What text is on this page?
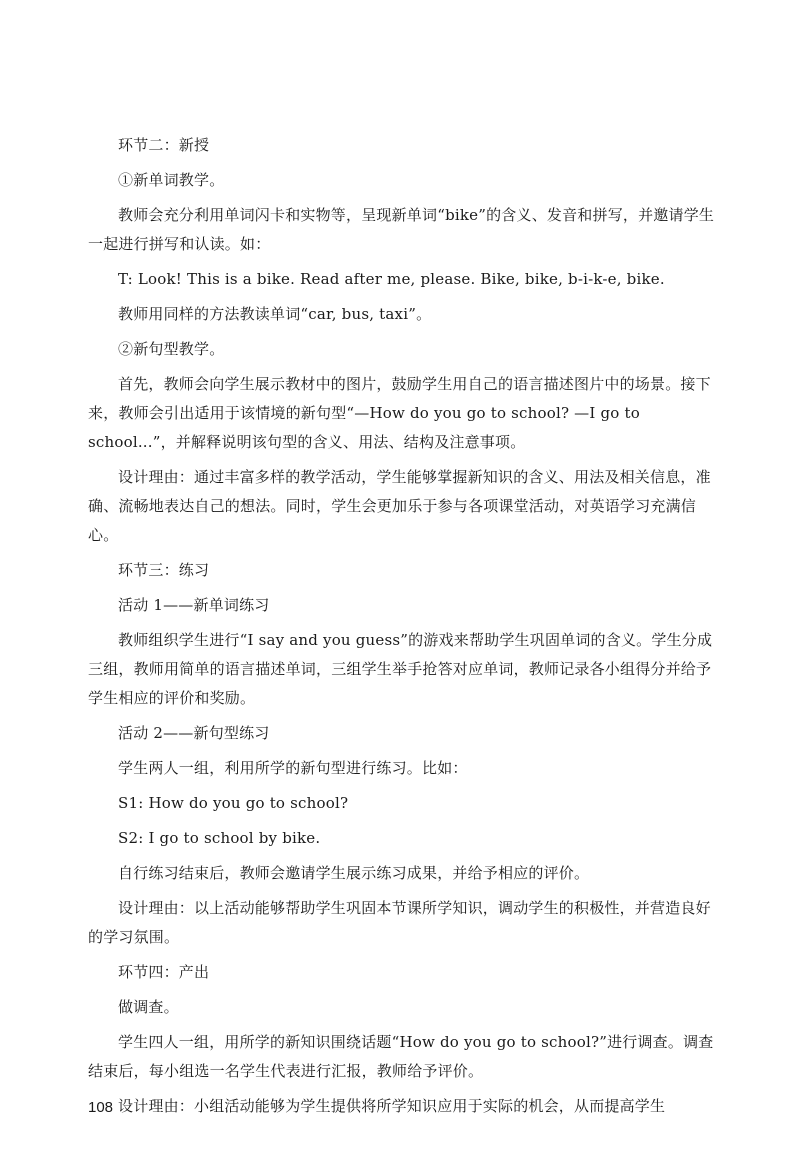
环节二：新授

①新单词教学。

教师会充分利用单词闪卡和实物等，呈现新单词“bike”的含义、发音和拼写，并邀请学生一起进行拼写和认读。如：

T: Look! This is a bike. Read after me, please. Bike, bike, b-i-k-e, bike.

教师用同样的方法教读单词“car, bus, taxi”。

②新句型教学。

首先，教师会向学生展示教材中的图片，鼓励学生用自己的语言描述图片中的场景。接下来，教师会引出适用于该情境的新句型“—How do you go to school? —I go to school...”，并解释说明该句型的含义、用法、结构及注意事项。

设计理由：通过丰富多样的教学活动，学生能够掌握新知识的含义、用法及相关信息，准确、流畅地表达自己的想法。同时，学生会更加乐于参与各项课堂活动，对英语学习充满信心。

环节三：练习

活动 1——新单词练习

教师组织学生进行“I say and you guess”的游戏来帮助学生巩固单词的含义。学生分成三组，教师用简单的语言描述单词，三组学生举手抢答对应单词，教师记录各小组得分并给予学生相应的评价和奖励。

活动 2——新句型练习

学生两人一组，利用所学的新句型进行练习。比如：

S1: How do you go to school?

S2: I go to school by bike.

自行练习结束后，教师会邀请学生展示练习成果，并给予相应的评价。

设计理由：以上活动能够帮助学生巩固本节课所学知识，调动学生的积极性，并营造良好的学习氛围。

环节四：产出

做调查。

学生四人一组，用所学的新知识围绕话题“How do you go to school?”进行调查。调查结束后，每小组选一名学生代表进行汇报，教师给予评价。

设计理由：小组活动能够为学生提供将所学知识应用于实际的机会，从而提高学生

108
